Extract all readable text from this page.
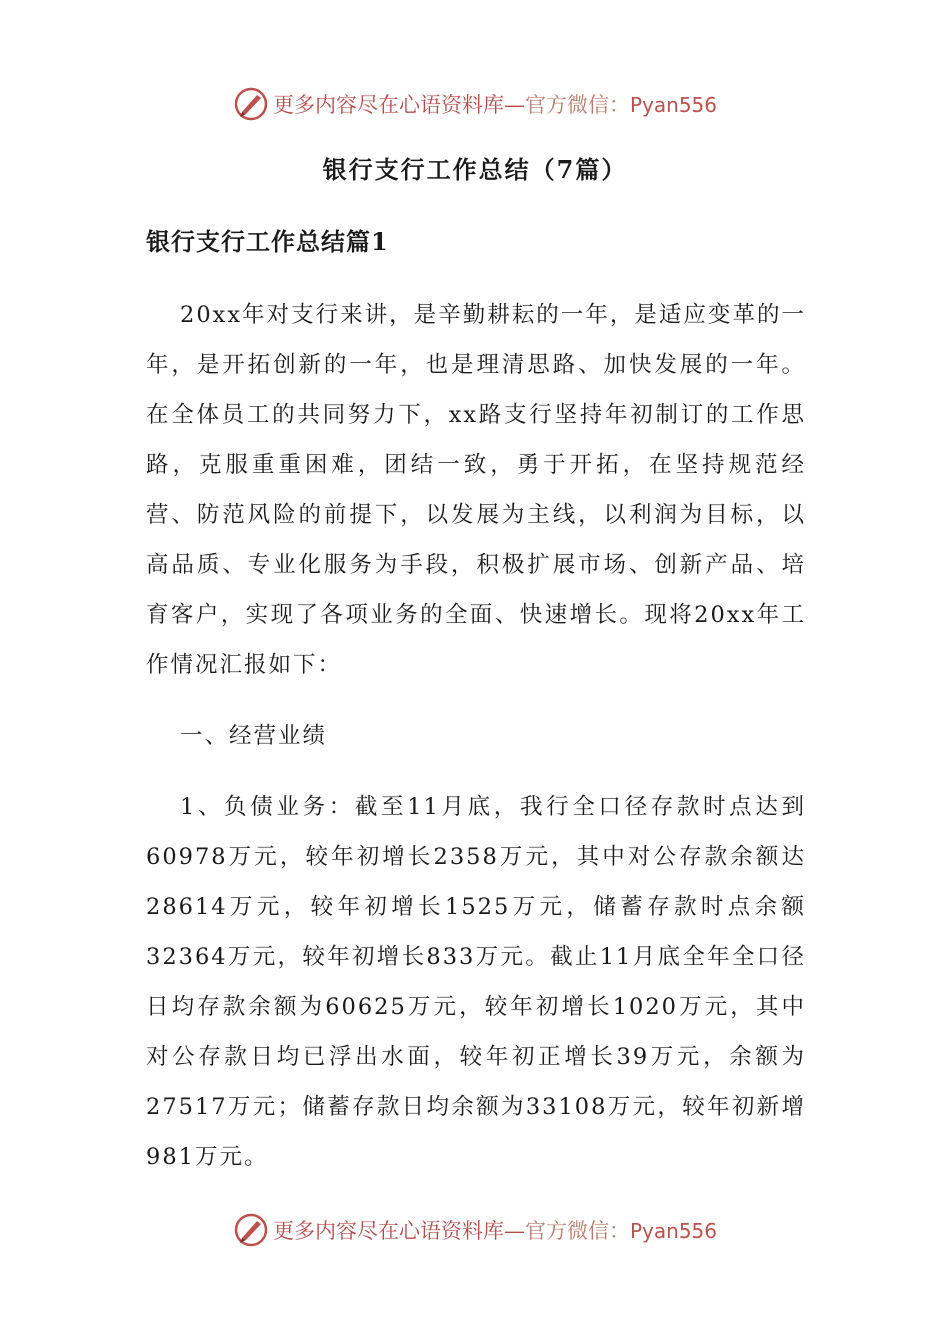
更多内容尽在心语资料库—官方微信：Pyan556
银行支行工作总结（7篇）
银行支行工作总结篇1

20xx年对支行来讲，是辛勤耕耘的一年，是适应变革的一年，是开拓创新的一年，也是理清思路、加快发展的一年。在全体员工的共同努力下，xx路支行坚持年初制订的工作思路，克服重重困难，团结一致，勇于开拓，在坚持规范经营、防范风险的前提下，以发展为主线，以利润为目标，以高品质、专业化服务为手段，积极扩展市场、创新产品、培育客户，实现了各项业务的全面、快速增长。现将20xx年工作情况汇报如下：

一、经营业绩

1、负债业务：截至11月底，我行全口径存款时点达到60978万元，较年初增长2358万元，其中对公存款余额达28614万元，较年初增长1525万元，储蓄存款时点余额32364万元，较年初增长833万元。截止11月底全年全口径日均存款余额为60625万元，较年初增长1020万元，其中对公存款日均已浮出水面，较年初正增长39万元，余额为27517万元；储蓄存款日均余额为33108万元，较年初新增981万元。

更多内容尽在心语资料库—官方微信：Pyan556
